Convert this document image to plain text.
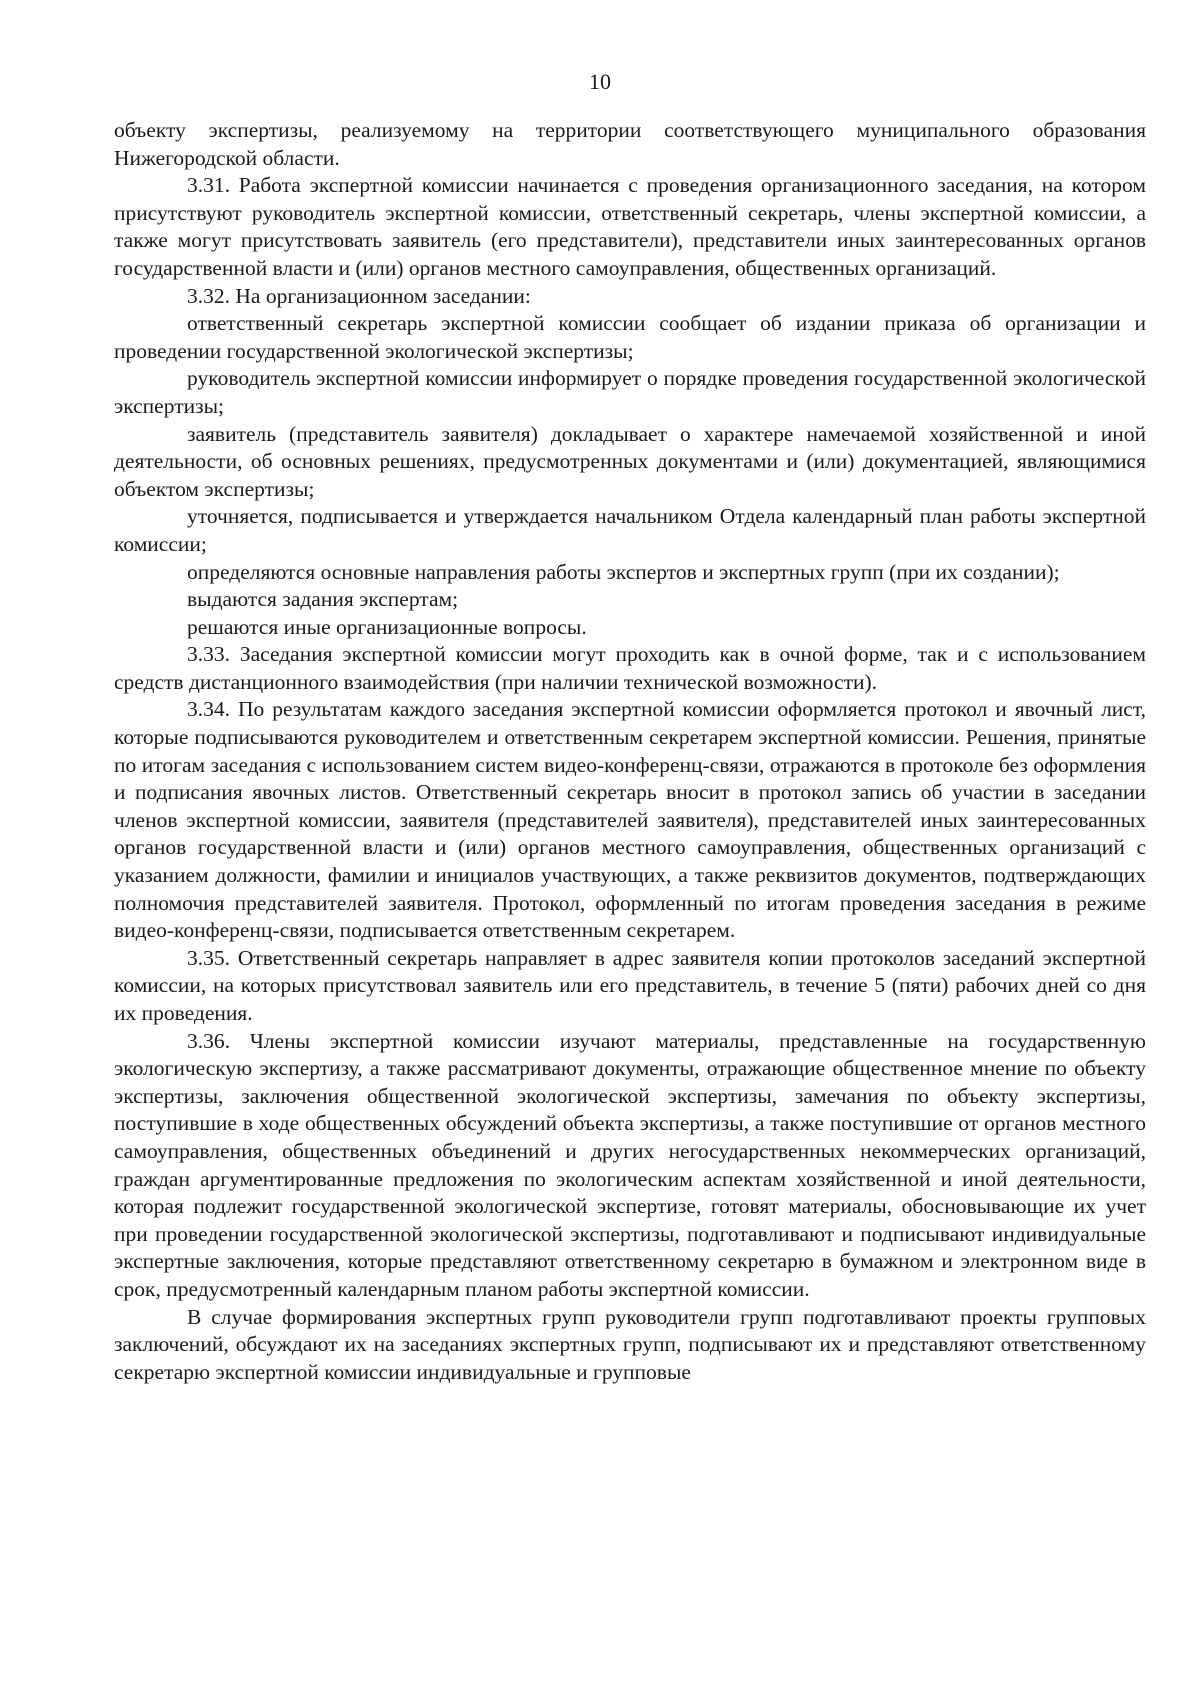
10

объекту экспертизы, реализуемому на территории соответствующего муниципального образования Нижегородской области.

3.31. Работа экспертной комиссии начинается с проведения организационного заседания, на котором присутствуют руководитель экспертной комиссии, ответственный секретарь, члены экспертной комиссии, а также могут присутствовать заявитель (его представители), представители иных заинтересованных органов государственной власти и (или) органов местного самоуправления, общественных организаций.

3.32. На организационном заседании:

ответственный секретарь экспертной комиссии сообщает об издании приказа об организации и проведении государственной экологической экспертизы;

руководитель экспертной комиссии информирует о порядке проведения государственной экологической экспертизы;

заявитель (представитель заявителя) докладывает о характере намечаемой хозяйственной и иной деятельности, об основных решениях, предусмотренных документами и (или) документацией, являющимися объектом экспертизы;

уточняется, подписывается и утверждается начальником Отдела календарный план работы экспертной комиссии;

определяются основные направления работы экспертов и экспертных групп (при их создании);

выдаются задания экспертам;

решаются иные организационные вопросы.

3.33. Заседания экспертной комиссии могут проходить как в очной форме, так и с использованием средств дистанционного взаимодействия (при наличии технической возможности).

3.34. По результатам каждого заседания экспертной комиссии оформляется протокол и явочный лист, которые подписываются руководителем и ответственным секретарем экспертной комиссии. Решения, принятые по итогам заседания с использованием систем видео-конференц-связи, отражаются в протоколе без оформления и подписания явочных листов. Ответственный секретарь вносит в протокол запись об участии в заседании членов экспертной комиссии, заявителя (представителей заявителя), представителей иных заинтересованных органов государственной власти и (или) органов местного самоуправления, общественных организаций с указанием должности, фамилии и инициалов участвующих, а также реквизитов документов, подтверждающих полномочия представителей заявителя. Протокол, оформленный по итогам проведения заседания в режиме видео-конференц-связи, подписывается ответственным секретарем.

3.35. Ответственный секретарь направляет в адрес заявителя копии протоколов заседаний экспертной комиссии, на которых присутствовал заявитель или его представитель, в течение 5 (пяти) рабочих дней со дня их проведения.

3.36. Члены экспертной комиссии изучают материалы, представленные на государственную экологическую экспертизу, а также рассматривают документы, отражающие общественное мнение по объекту экспертизы, заключения общественной экологической экспертизы, замечания по объекту экспертизы, поступившие в ходе общественных обсуждений объекта экспертизы, а также поступившие от органов местного самоуправления, общественных объединений и других негосударственных некоммерческих организаций, граждан аргументированные предложения по экологическим аспектам хозяйственной и иной деятельности, которая подлежит государственной экологической экспертизе, готовят материалы, обосновывающие их учет при проведении государственной экологической экспертизы, подготавливают и подписывают индивидуальные экспертные заключения, которые представляют ответственному секретарю в бумажном и электронном виде в срок, предусмотренный календарным планом работы экспертной комиссии.

В случае формирования экспертных групп руководители групп подготавливают проекты групповых заключений, обсуждают их на заседаниях экспертных групп, подписывают их и представляют ответственному секретарю экспертной комиссии индивидуальные и групповые
